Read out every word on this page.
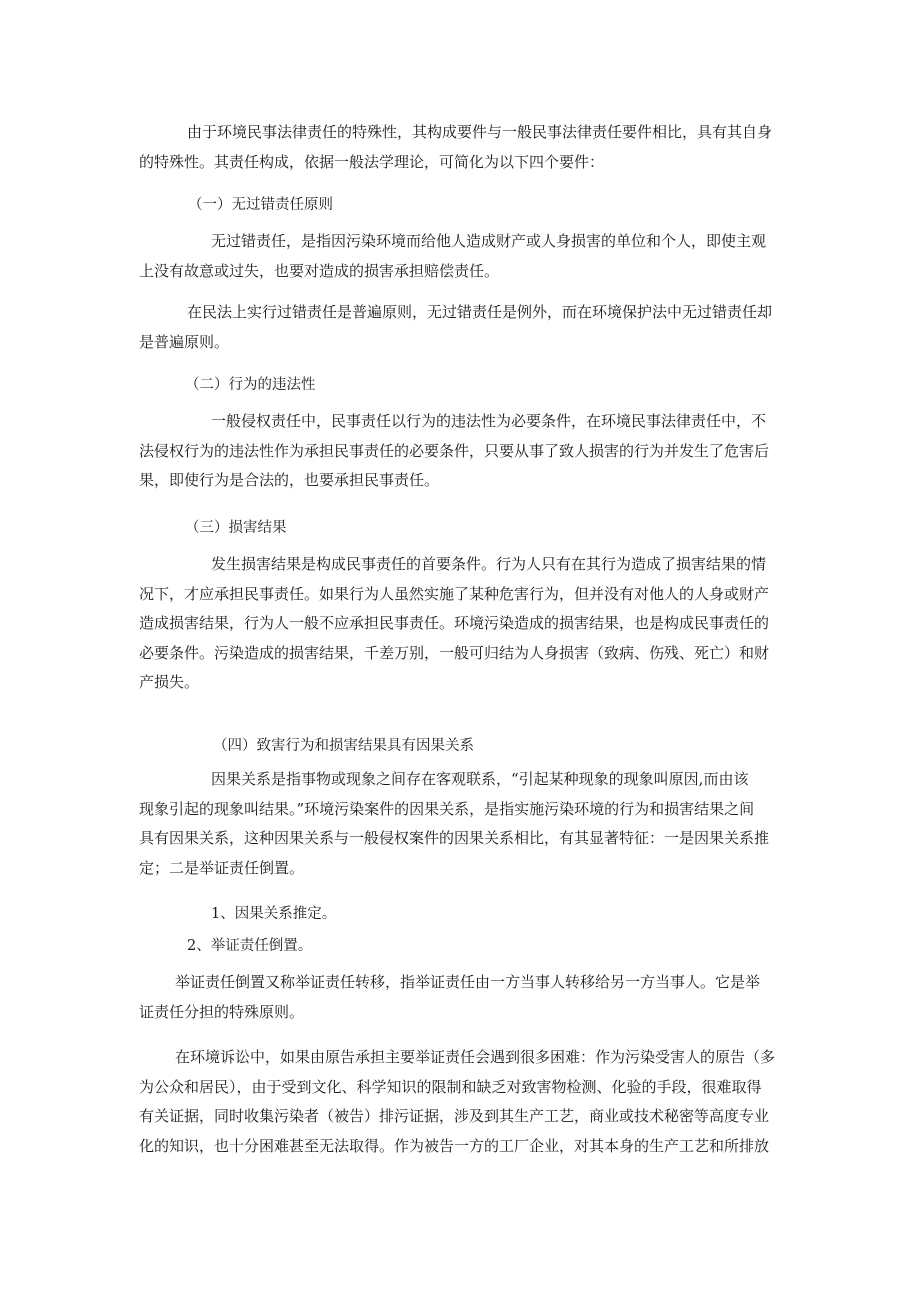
由于环境民事法律责任的特殊性，其构成要件与一般民事法律责任要件相比，具有其自身
的特殊性。其责任构成，依据一般法学理论，可简化为以下四个要件：

（一）无过错责任原则

无过错责任，是指因污染环境而给他人造成财产或人身损害的单位和个人，即使主观
上没有故意或过失，也要对造成的损害承担赔偿责任。

在民法上实行过错责任是普遍原则，无过错责任是例外，而在环境保护法中无过错责任却
是普遍原则。

（二）行为的违法性

一般侵权责任中，民事责任以行为的违法性为必要条件，在环境民事法律责任中，不
法侵权行为的违法性作为承担民事责任的必要条件，只要从事了致人损害的行为并发生了危害后
果，即使行为是合法的，也要承担民事责任。

（三）损害结果

发生损害结果是构成民事责任的首要条件。行为人只有在其行为造成了损害结果的情
况下，才应承担民事责任。如果行为人虽然实施了某种危害行为，但并没有对他人的人身或财产
造成损害结果，行为人一般不应承担民事责任。环境污染造成的损害结果，也是构成民事责任的
必要条件。污染造成的损害结果，千差万别，一般可归结为人身损害（致病、伤残、死亡）和财
产损失。

（四）致害行为和损害结果具有因果关系

因果关系是指事物或现象之间存在客观联系，“引起某种现象的现象叫原因,而由该
现象引起的现象叫结果。”环境污染案件的因果关系，是指实施污染环境的行为和损害结果之间
具有因果关系，这种因果关系与一般侵权案件的因果关系相比，有其显著特征：一是因果关系推
定；二是举证责任倒置。

1、因果关系推定。

2、举证责任倒置。

举证责任倒置又称举证责任转移，指举证责任由一方当事人转移给另一方当事人。它是举
证责任分担的特殊原则。

在环境诉讼中，如果由原告承担主要举证责任会遇到很多困难：作为污染受害人的原告（多
为公众和居民），由于受到文化、科学知识的限制和缺乏对致害物检测、化验的手段，很难取得
有关证据，同时收集污染者（被告）排污证据，涉及到其生产工艺，商业或技术秘密等高度专业
化的知识，也十分困难甚至无法取得。作为被告一方的工厂企业，对其本身的生产工艺和所排放
